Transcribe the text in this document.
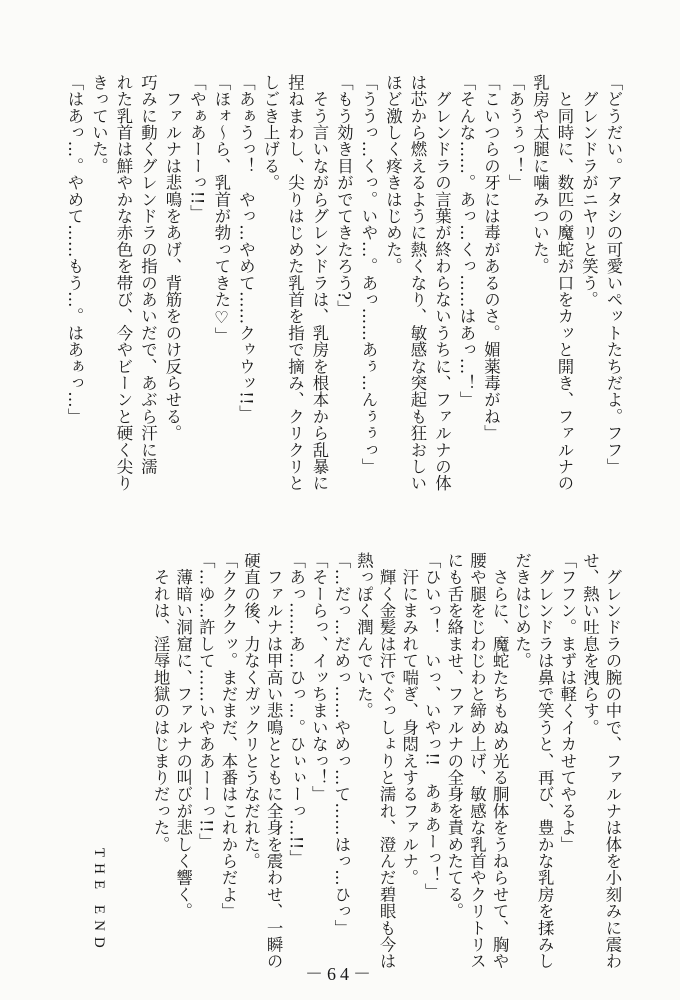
「どうだい。アタシの可愛いペットたちだよ。フフ」
　グレンドラがニヤリと笑う。
　と同時に、数匹の魔蛇が口をカッと開き、ファルナの
乳房や太腿に噛みついた。
「あうぅっ！」
「こいつらの牙には毒があるのさ。媚薬毒がね」
「そんな……。あっ…くっ……はあっ…！」
　グレンドラの言葉が終わらないうちに、ファルナの体
は芯から燃えるように熱くなり、敏感な突起も狂おしい
ほど激しく疼きはじめた。
「ううっ…くっ。いや…。あっ……あぅ…んぅぅっ」
「もう効き目がでてきたろう?」
　そう言いながらグレンドラは、乳房を根本から乱暴に
捏ねまわし、尖りはじめた乳首を指で摘み、クリクリと
しごき上げる。
「あぁうっ！　やっ…やめて……クゥウッ!!」
「ほォ～ら、乳首が勃ってきた♡」
「やぁあーーっ!!」
　ファルナは悲鳴をあげ、背筋をのけ反らせる。
巧みに動くグレンドラの指のあいだで、あぶら汗に濡
れた乳首は鮮やかな赤色を帯び、今やビーンと硬く尖り
きっていた。
「はあっ…。やめて……もう…。はあぁっ…」
　グレンドラの腕の中で、ファルナは体を小刻みに震わ
せ、熱い吐息を洩らす。
「フフン。まずは軽くイカせてやるよ」
　グレンドラは鼻で笑うと、再び、豊かな乳房を揉みし
だきはじめた。
　さらに、魔蛇たちもぬめ光る胴体をうねらせて、胸や
腰や腿をじわじわと締め上げ、敏感な乳首やクリトリス
にも舌を絡ませ、ファルナの全身を責めたてる。
「ひいっ！　いっ、いやっ!!　あぁあーっ！」
　汗にまみれて喘ぎ、身悶えするファルナ。
　輝く金髪は汗でぐっしょりと濡れ、澄んだ碧眼も今は
熱っぽく潤んでいた。
「…だっ…だめっ……やめっ…て……はっ…ひっ」
「そーらっ、イッちまいなっ！」
「あっ……あ…ひっ…。ひぃぃーっ…!!」
　ファルナは甲高い悲鳴とともに全身を震わせ、一瞬の
硬直の後、力なくガックリとうなだれた。
「ククククッ。まだまだ、本番はこれからだよ」
「…ゆ…許して……いやああーーっ!!」
　薄暗い洞窟に、ファルナの叫びが悲しく響く。
　それは、淫辱地獄のはじまりだった。
THE END
－64－
